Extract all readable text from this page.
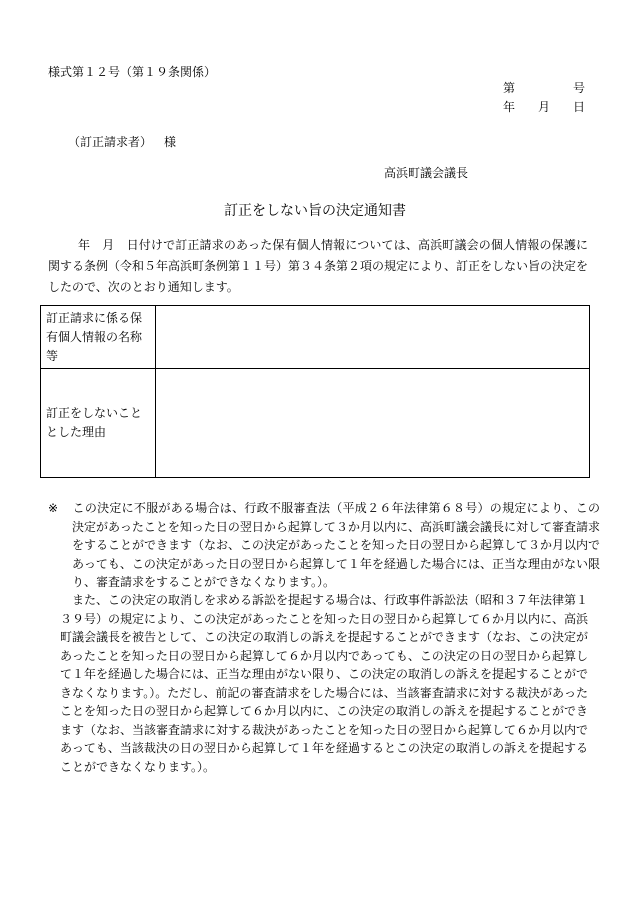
様式第１２号（第１９条関係）
第	号
年 月 日
（訂正請求者） 様
高浜町議会議長
訂正をしない旨の決定通知書
年　月　日付けで訂正請求のあった保有個人情報については、高浜町議会の個人情報の保護に関する条例（令和５年高浜町条例第１１号）第３４条第２項の規定により、訂正をしない旨の決定をしたので、次のとおり通知します。
訂正請求に係る保有個人情報の名称等	
訂正をしないこととした理由	
※　 この決定に不服がある場合は、行政不服審査法（平成２６年法律第６８号）の規定により、この決定があったことを知った日の翌日から起算して３か月以内に、高浜町議会議長に対して審査請求をすることができます（なお、この決定があったことを知った日の翌日から起算して３か月以内であっても、この決定があった日の翌日から起算して１年を経過した場合には、正当な理由がない限り、審査請求をすることができなくなります。）。
また、この決定の取消しを求める訴訟を提起する場合は、行政事件訴訟法（昭和３７年法律第１３９号）の規定により、この決定があったことを知った日の翌日から起算して６か月以内に、高浜町議会議長を被告として、この決定の取消しの訴えを提起することができます（なお、この決定があったことを知った日の翌日から起算して６か月以内であっても、この決定の日の翌日から起算して１年を経過した場合には、正当な理由がない限り、この決定の取消しの訴えを提起することができなくなります。）。ただし、前記の審査請求をした場合には、当該審査請求に対する裁決があったことを知った日の翌日から起算して６か月以内に、この決定の取消しの訴えを提起することができます（なお、当該審査請求に対する裁決があったことを知った日の翌日から起算して６か月以内であっても、当該裁決の日の翌日から起算して１年を経過するとこの決定の取消しの訴えを提起することができなくなります。）。
